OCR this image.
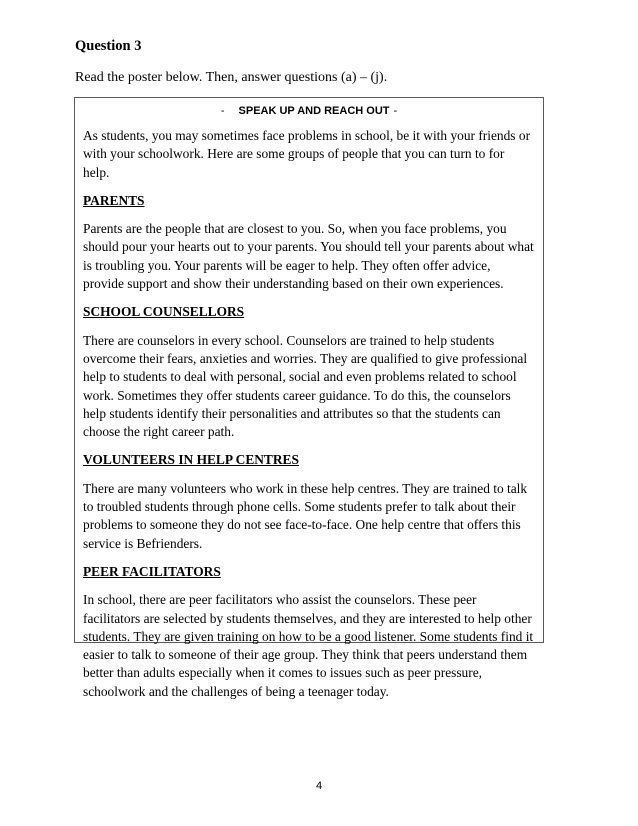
Question 3
Read the poster below. Then, answer questions (a) – (j).
- SPEAK UP AND REACH OUT -

As students, you may sometimes face problems in school, be it with your friends or with your schoolwork. Here are some groups of people that you can turn to for help.

PARENTS

Parents are the people that are closest to you. So, when you face problems, you should pour your hearts out to your parents. You should tell your parents about what is troubling you. Your parents will be eager to help. They often offer advice, provide support and show their understanding based on their own experiences.

SCHOOL COUNSELLORS

There are counselors in every school. Counselors are trained to help students overcome their fears, anxieties and worries. They are qualified to give professional help to students to deal with personal, social and even problems related to school work. Sometimes they offer students career guidance. To do this, the counselors help students identify their personalities and attributes so that the students can choose the right career path.

VOLUNTEERS IN HELP CENTRES

There are many volunteers who work in these help centres. They are trained to talk to troubled students through phone cells. Some students prefer to talk about their problems to someone they do not see face-to-face. One help centre that offers this service is Befrienders.

PEER FACILITATORS

In school, there are peer facilitators who assist the counselors. These peer facilitators are selected by students themselves, and they are interested to help other students. They are given training on how to be a good listener. Some students find it easier to talk to someone of their age group. They think that peers understand them better than adults especially when it comes to issues such as peer pressure, schoolwork and the challenges of being a teenager today.

4
